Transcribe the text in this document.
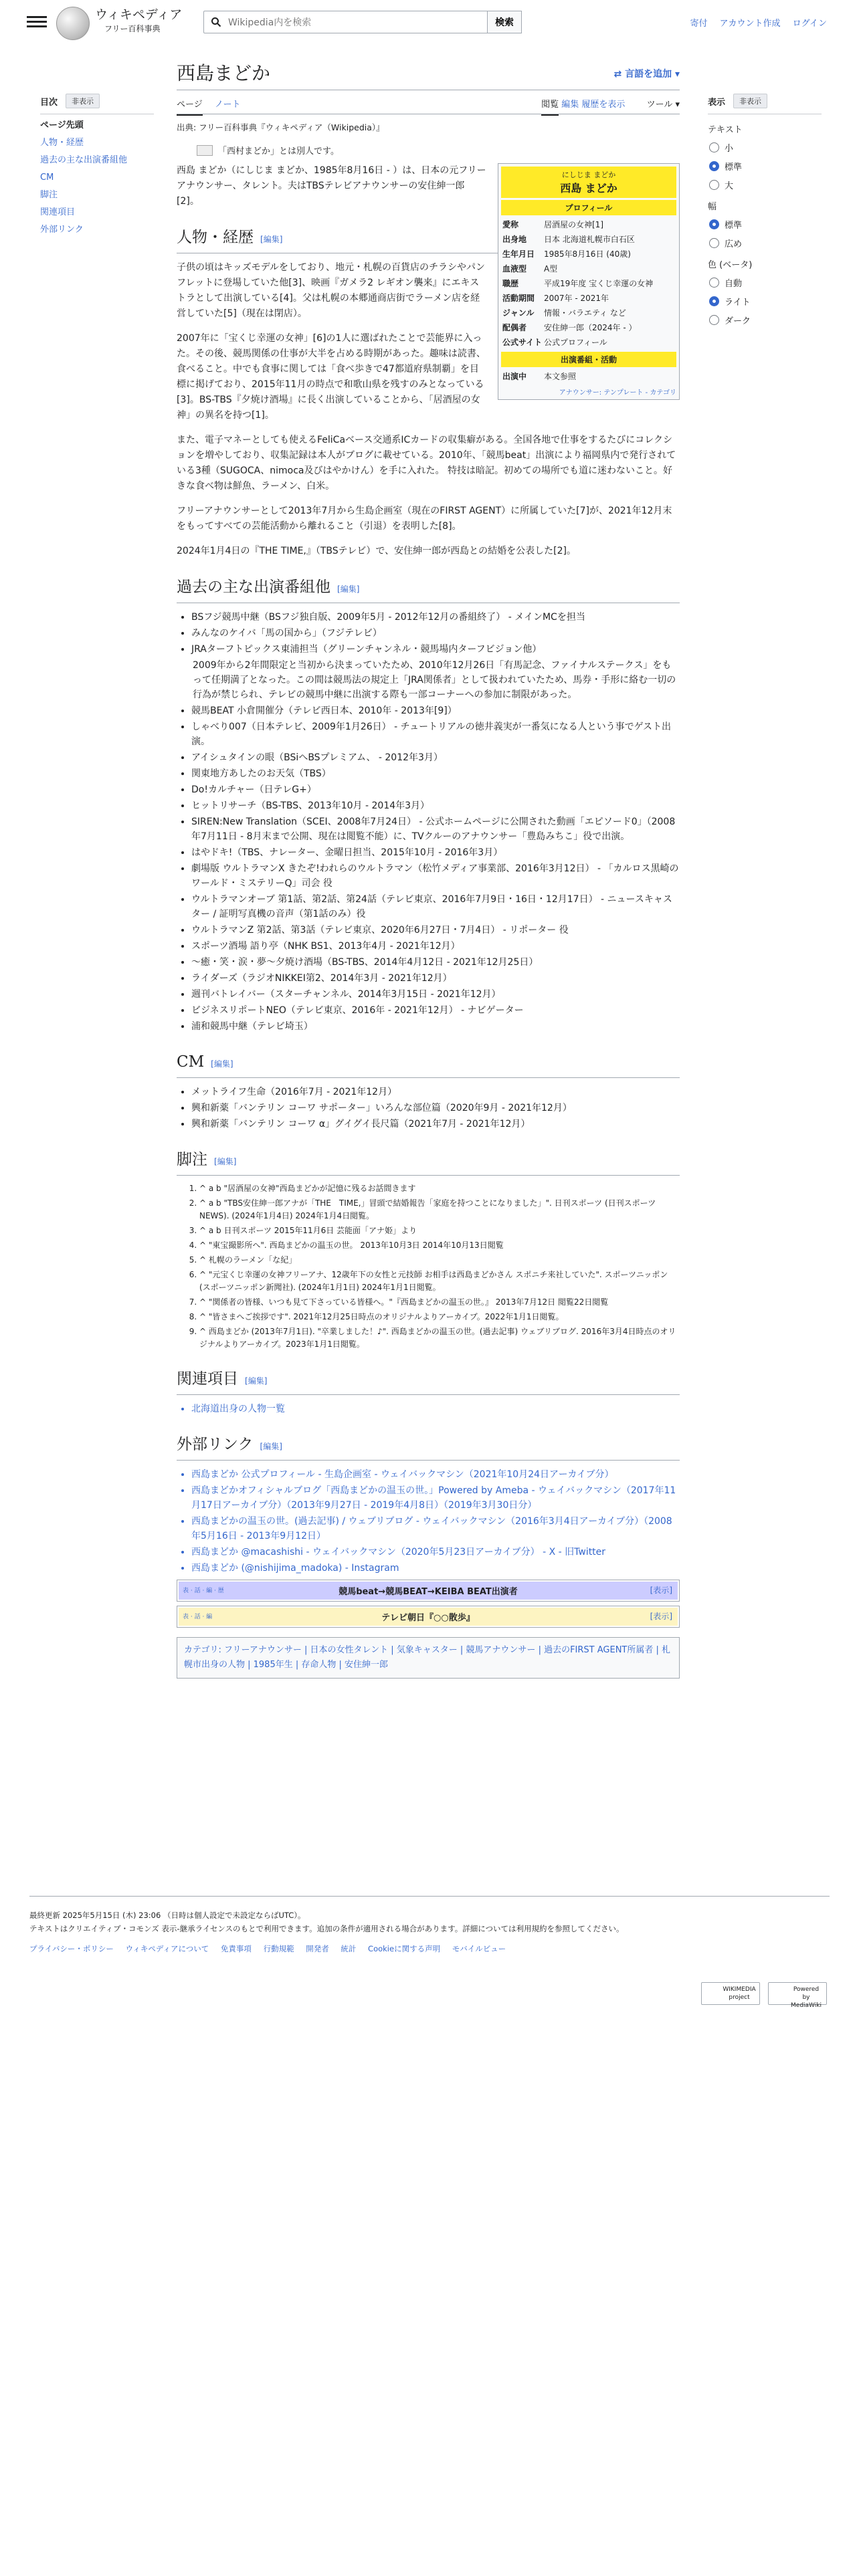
ウィキペディア
フリー百科事典
Wikipedia内を検索
検索	寄付 アカウント作成 ログイン
目次	非表示
ページ先頭
人物・経歴
過去の主な出演番組他
CM
脚注
関連項目
外部リンク
西島まどか	⇄ 言語を追加 ▾
ページ ノート	閲覧 編集 履歴を表示 ツール ▾
出典: フリー百科事典『ウィキペディア（Wikipedia）』
「西村まどか」とは別人です。
にしじま まどか
西島 まどか
プロフィール
愛称	居酒屋の女神[1]
出身地	日本 北海道札幌市白石区
生年月日	1985年8月16日 (40歳)
血液型	A型
職歴	平成19年度 宝くじ幸運の女神
活動期間	2007年 - 2021年
ジャンル	情報・バラエティ など
配偶者	安住紳一郎（2024年 - ）
公式サイト 公式プロフィール
出演番組・活動
出演中	本文参照
アナウンサー: テンプレート - カテゴリ

西島 まどか（にしじま まどか、1985年8月16日 - ）は、日本の元フリーアナウンサー、タレント。夫はTBSテレビアナウンサーの安住紳一郎[2]。

人物・経歴 [編集]

子供の頃はキッズモデルをしており、地元・札幌の百貨店のチラシやパンフレットに登場していた他[3]、映画『ガメラ2 レギオン襲来』にエキストラとして出演している[4]。父は札幌の本郷通商店街でラーメン店を経営していた[5]（現在は閉店）。

2007年に「宝くじ幸運の女神」[6]の1人に選ばれたことで芸能界に入った。その後、競馬関係の仕事が大半を占める時期があった。趣味は読書、食べること。中でも食事に関しては「食べ歩きで47都道府県制覇」を目標に掲げており、2015年11月の時点で和歌山県を残すのみとなっている[3]。BS-TBS『夕焼け酒場』に長く出演していることから、「居酒屋の女神」の異名を持つ[1]。

また、電子マネーとしても使えるFeliCaベース交通系ICカードの収集癖がある。全国各地で仕事をするたびにコレクションを増やしており、収集記録は本人がブログに載せている。2010年、「競馬beat」出演により福岡県内で発行されている3種（SUGOCA、nimoca及びはやかけん）を手に入れた。 特技は暗記。初めての場所でも道に迷わないこと。好きな食べ物は鮮魚、ラーメン、白米。

フリーアナウンサーとして2013年7月から生島企画室（現在のFIRST AGENT）に所属していた[7]が、2021年12月末をもってすべての芸能活動から離れること（引退）を表明した[8]。

2024年1月4日の『THE TIME,』（TBSテレビ）で、安住紳一郎が西島との結婚を公表した[2]。

過去の主な出演番組他 [編集]
• BSフジ競馬中継（BSフジ独自版、2009年5月 - 2012年12月の番組終了） - メインMCを担当
• みんなのケイバ「馬の国から」（フジテレビ）
• JRAターフトピックス東浦担当（グリーンチャンネル・競馬場内ターフビジョン他）
2009年から2年間限定と当初から決まっていたため、2010年12月26日「有馬記念、ファイナルステークス」をもって任期満了となった。この間は競馬法の規定上「JRA関係者」として扱われていたため、馬券・手形に絡む一切の行為が禁じられ、テレビの競馬中継に出演する際も一部コーナーへの参加に制限があった。
• 競馬BEAT 小倉開催分（テレビ西日本、2010年 - 2013年[9]）
• しゃべり007（日本テレビ、2009年1月26日） - チュートリアルの徳井義実が一番気になる人という事でゲスト出演。
• アイシュタインの眼（BSiへBSプレミアム、 - 2012年3月）
• 関東地方あしたのお天気（TBS）
• Do!カルチャー（日テレG+）
• ヒットリサーチ（BS-TBS、2013年10月 - 2014年3月）
• SIREN:New Translation（SCEI、2008年7月24日） - 公式ホームページに公開された動画「エピソード0」（2008年7月11日 - 8月末まで公開、現在は閲覧不能）に、TVクルーのアナウンサー「豊島みちこ」役で出演。
• はやドキ!（TBS、ナレーター、金曜日担当、2015年10月 - 2016年3月）
• 劇場版 ウルトラマンX きたぞ!われらのウルトラマン（松竹メディア事業部、2016年3月12日） - 「カルロス黒崎のワールド・ミステリーQ」司会 役
• ウルトラマンオーブ 第1話、第2話、第24話（テレビ東京、2016年7月9日・16日・12月17日） - ニュースキャスター / 証明写真機の音声（第1話のみ）役
• ウルトラマンZ 第2話、第3話（テレビ東京、2020年6月27日・7月4日） - リポーター 役
• スポーツ酒場 語り亭（NHK BS1、2013年4月 - 2021年12月）
• 〜癒・笑・涙・夢〜夕焼け酒場（BS-TBS、2014年4月12日 - 2021年12月25日）
• ライダーズ（ラジオNIKKEI第2、2014年3月 - 2021年12月）
• 週刊バトレイバー（スターチャンネル、2014年3月15日 - 2021年12月）
• ビジネスリポートNEO（テレビ東京、2016年 - 2021年12月） - ナビゲーター
• 浦和競馬中継（テレビ埼玉）
CM [編集]
• メットライフ生命（2016年7月 - 2021年12月）
• 興和新薬「バンテリン コーワ サポーター」いろんな部位篇（2020年9月 - 2021年12月）
• 興和新薬「バンテリン コーワ α」グイグイ長尺篇（2021年7月 - 2021年12月）
脚注 [編集]
1. ^ a b "居酒屋の女神"西島まどかが記憶に残るお話間きます
2. ^ a b "TBS安住紳一郎アナが「THE　TIME,」冒頭で結婚報告「家庭を持つことになりました」". 日刊スポーツ (日刊スポーツNEWS). (2024年1月4日) 2024年1月4日閲覧。
3. ^ a b 日刊スポーツ 2015年11月6日 芸能面「アナ姫」より
4. ^ "東宝撮影所へ". 西島まどかの温玉の世。 2013年10月3日 2014年10月13日閲覧
5. ^ 札幌のラーメン「な紀」
6. ^ "元宝くじ幸運の女神フリーアナ、12歳年下の女性と元技師 お相手は西島まどかさん スポニチ来社していた". スポーツニッポン (スポーツニッポン新聞社). (2024年1月1日) 2024年1月1日閲覧。
7. ^ "関係者の皆様、いつも見て下さっている皆様へ。"『西島まどかの温玉の世。』 2013年7月12日 閲覧22日閲覧
8. ^ "皆さまへご挨拶です". 2021年12月25日時点のオリジナルよりアーカイブ。2022年1月1日閲覧。
9. ^ 西島まどか (2013年7月1日). "卒業しました！♪". 西島まどかの温玉の世。(過去記事) ウェブリブログ. 2016年3月4日時点のオリジナルよりアーカイブ。2023年1月1日閲覧。
関連項目 [編集]
• 北海道出身の人物一覧
外部リンク [編集]
• 西島まどか 公式プロフィール - 生島企画室 - ウェイバックマシン（2021年10月24日アーカイブ分）
• 西島まどかオフィシャルブログ「西島まどかの温玉の世。」Powered by Ameba - ウェイバックマシン（2017年11月17日アーカイブ分）（2013年9月27日 - 2019年4月8日）（2019年3月30日分）
• 西島まどかの温玉の世。(過去記事) / ウェブリブログ - ウェイバックマシン（2016年3月4日アーカイブ分）（2008年5月16日 - 2013年9月12日）
• 西島まどか @macashishi - ウェイバックマシン（2020年5月23日アーカイブ分） - X - 旧Twitter
• 西島まどか (@nishijima_madoka) - Instagram
表 · 話 · 編 · 歴	競馬beat→競馬BEAT→KEIBA BEAT出演者	[表示]
表 · 話 · 編	テレビ朝日『○○散歩』	[表示]
カテゴリ: フリーアナウンサー | 日本の女性タレント | 気象キャスター | 競馬アナウンサー | 過去のFIRST AGENT所属者 | 札幌市出身の人物 | 1985年生 | 存命人物 | 安住紳一郎
表示	非表示
テキスト
小
標準
大
幅
標準
広め
色 (ベータ)
自動
ライト
ダーク
最終更新 2025年5月15日 (木) 23:06 （日時は個人設定で未設定ならばUTC）。
テキストはクリエイティブ・コモンズ 表示-継承ライセンスのもとで利用できます。追加の条件が適用される場合があります。詳細については利用規約を参照してください。
プライバシー・ポリシー ウィキペディアについて 免責事項 行動規範 開発者 統計 Cookieに関する声明 モバイルビュー
WIKIMEDIA project
Powered by MediaWiki
